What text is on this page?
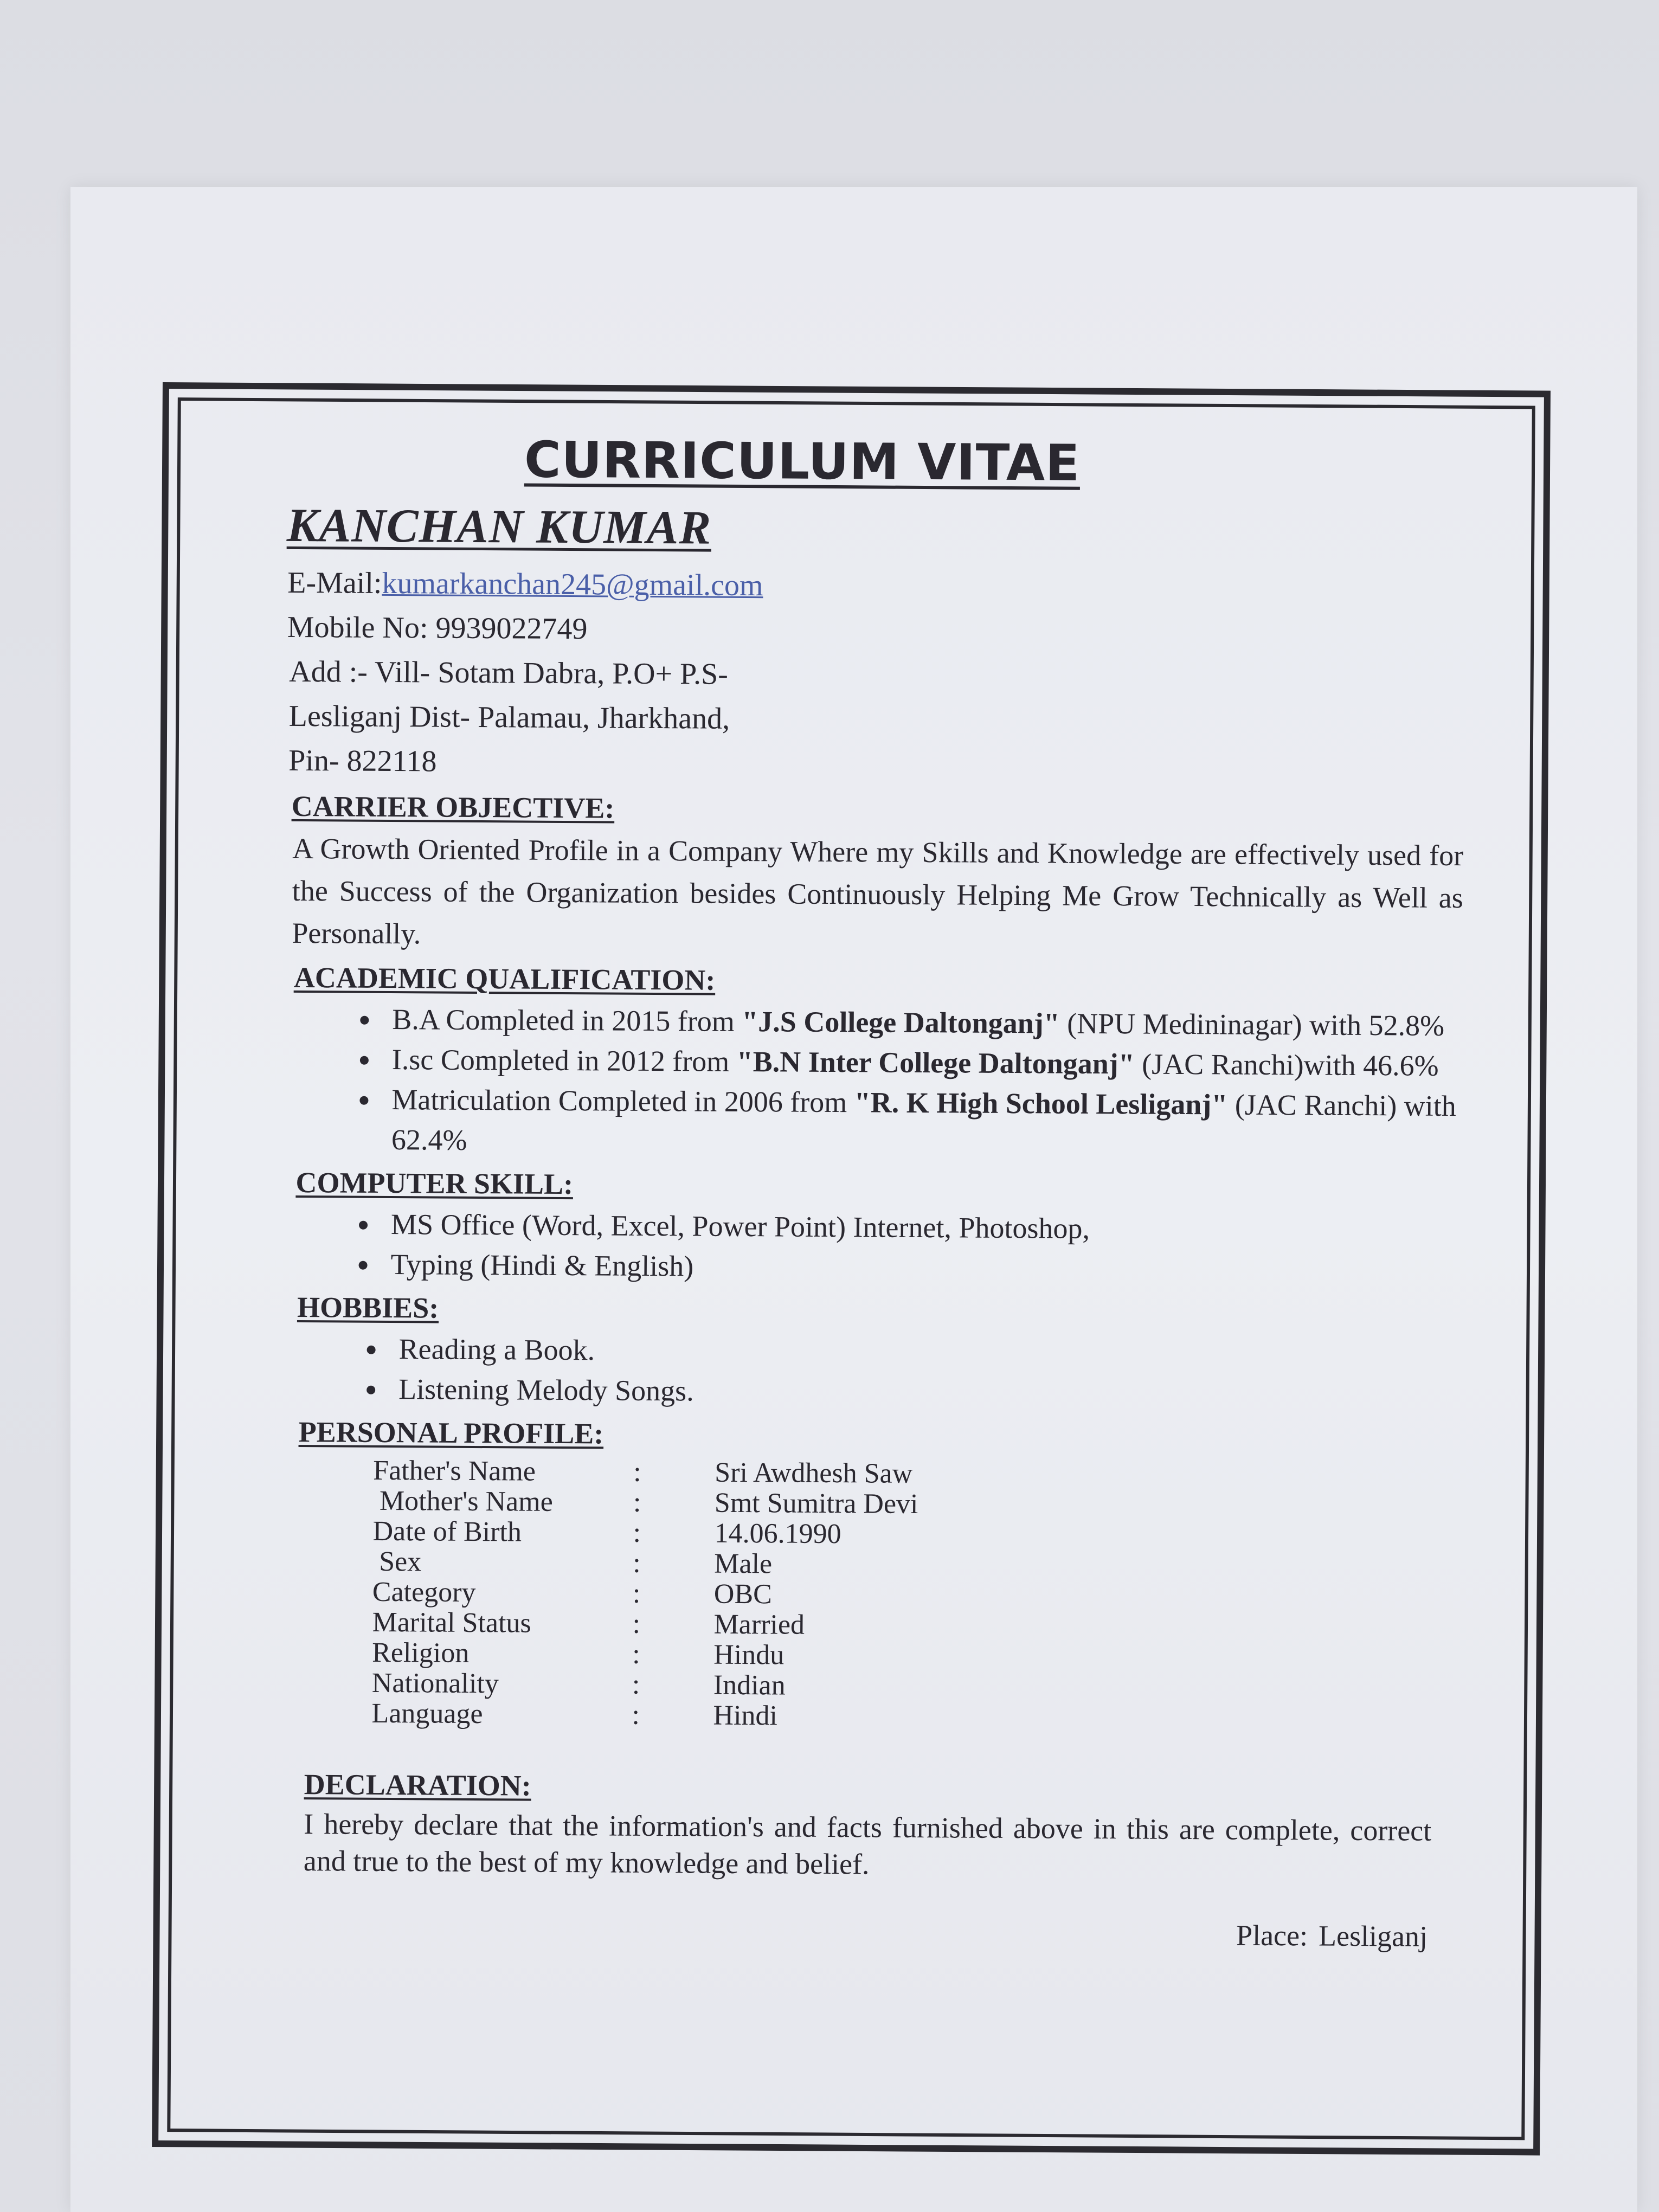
CURRICULUM VITAE
KANCHAN KUMAR
E-Mail:kumarkanchan245@gmail.com
Mobile No: 9939022749
Add :- Vill- Sotam Dabra, P.O+ P.S-
Lesliganj Dist- Palamau, Jharkhand,
Pin- 822118
CARRIER OBJECTIVE:
A Growth Oriented Profile in a Company Where my Skills and Knowledge are effectively used for the Success of the Organization besides Continuously Helping Me Grow Technically as Well as Personally.
ACADEMIC QUALIFICATION:
• B.A Completed in 2015 from "J.S College Daltonganj" (NPU Medininagar) with 52.8%
• I.sc Completed in 2012 from "B.N Inter College Daltonganj" (JAC Ranchi)with 46.6%
• Matriculation Completed in 2006 from "R. K High School Lesliganj" (JAC Ranchi) with 62.4%
COMPUTER SKILL:
• MS Office (Word, Excel, Power Point) Internet, Photoshop,
• Typing (Hindi & English)
HOBBIES:
• Reading a Book.
• Listening Melody Songs.
PERSONAL PROFILE:
Father's Name	:	Sri Awdhesh Saw
Mother's Name	:	Smt Sumitra Devi
Date of Birth	:	14.06.1990
Sex	:	Male
Category	:	OBC
Marital Status	:	Married
Religion	:	Hindu
Nationality	:	Indian
Language	:	Hindi
DECLARATION:
I hereby declare that the information's and facts furnished above in this are complete, correct and true to the best of my knowledge and belief.
Place: Lesliganj
